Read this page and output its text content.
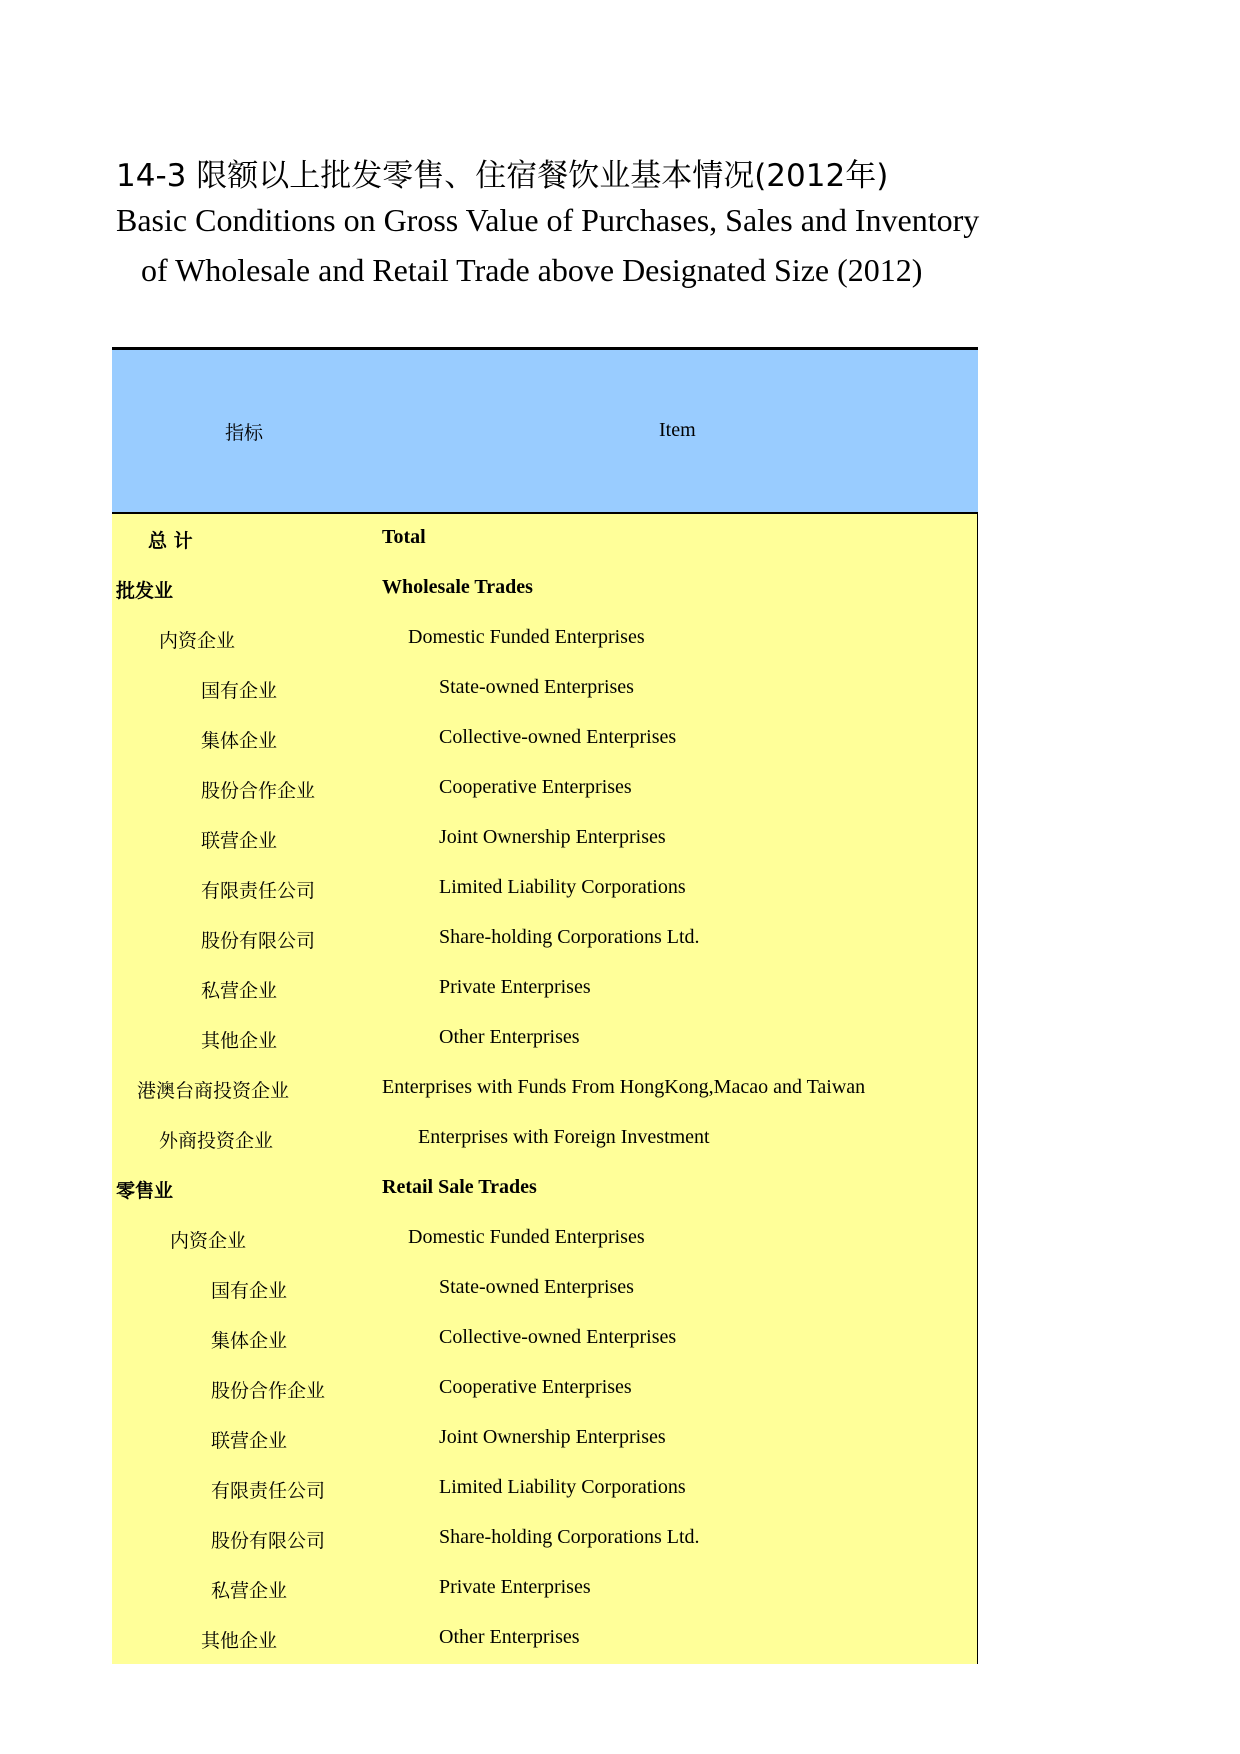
14-3 限额以上批发零售、住宿餐饮业基本情况(2012年)
Basic Conditions on Gross Value of Purchases, Sales and Inventory
of Wholesale and Retail Trade above Designated Size (2012)
指标	Item
总 计	Total
批发业	Wholesale Trades
内资企业	Domestic Funded Enterprises
国有企业	State-owned Enterprises
集体企业	Collective-owned Enterprises
股份合作企业	Cooperative Enterprises
联营企业	Joint Ownership Enterprises
有限责任公司	Limited Liability Corporations
股份有限公司	Share-holding Corporations Ltd.
私营企业	Private Enterprises
其他企业	Other Enterprises
港澳台商投资企业	Enterprises with Funds From HongKong,Macao and Taiwan
外商投资企业	Enterprises with Foreign Investment
零售业	Retail Sale Trades
内资企业	Domestic Funded Enterprises
国有企业	State-owned Enterprises
集体企业	Collective-owned Enterprises
股份合作企业	Cooperative Enterprises
联营企业	Joint Ownership Enterprises
有限责任公司	Limited Liability Corporations
股份有限公司	Share-holding Corporations Ltd.
私营企业	Private Enterprises
其他企业	Other Enterprises
